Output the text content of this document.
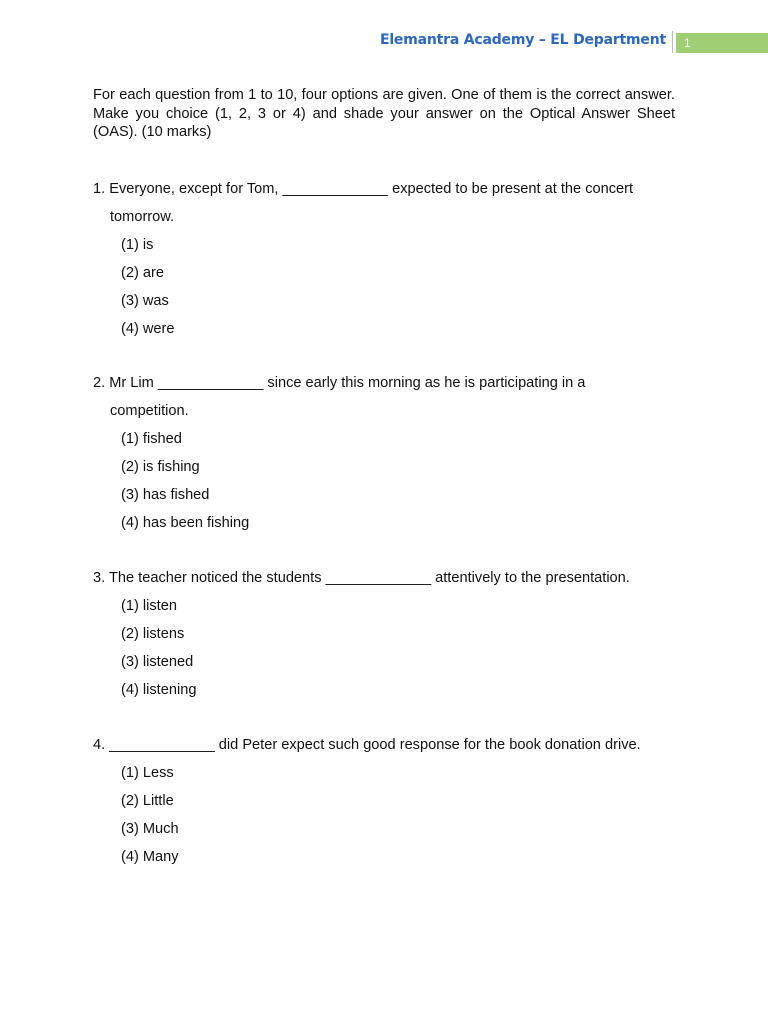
Elemantra Academy – EL Department	1
For each question from 1 to 10, four options are given. One of them is the correct answer. Make you choice (1, 2, 3 or 4) and shade your answer on the Optical Answer Sheet (OAS). (10 marks)
1. Everyone, except for Tom, _____________ expected to be present at the concert
tomorrow.
(1) is
(2) are
(3) was
(4) were
2. Mr Lim _____________ since early this morning as he is participating in a
competition.
(1) fished
(2) is fishing
(3) has fished
(4) has been fishing
3. The teacher noticed the students _____________ attentively to the presentation.
(1) listen
(2) listens
(3) listened
(4) listening
4. _____________ did Peter expect such good response for the book donation drive.
(1) Less
(2) Little
(3) Much
(4) Many
